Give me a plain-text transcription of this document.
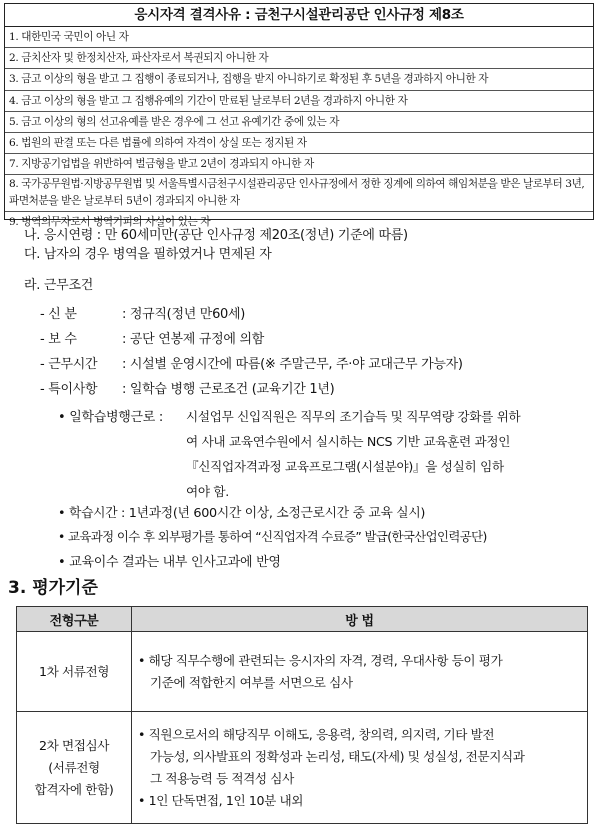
응시자격 결격사유 : 금천구시설관리공단 인사규정 제8조
1. 대한민국 국민이 아닌 자
2. 금치산자 및 한정치산자, 파산자로서 복권되지 아니한 자
3. 금고 이상의 형을 받고 그 집행이 종료되거나, 집행을 받지 아니하기로 확정된 후 5년을 경과하지 아니한 자
4. 금고 이상의 형을 받고 그 집행유예의 기간이 만료된 날로부터 2년을 경과하지 아니한 자
5. 금고 이상의 형의 선고유예를 받은 경우에 그 선고 유예기간 중에 있는 자
6. 법원의 판결 또는 다른 법률에 의하여 자격이 상실 또는 정지된 자
7. 지방공기업법을 위반하여 벌금형을 받고 2년이 경과되지 아니한 자
8. 국가공무원법·지방공무원법 및 서울특별시금천구시설관리공단 인사규정에서 정한 징계에 의하여 해임처분을 받은 날로부터 3년, 파면처분을 받은 날로부터 5년이 경과되지 아니한 자
9. 병역의무자로서 병역기피의 사실이 있는 자
나. 응시연령 : 만 60세미만(공단 인사규정 제20조(정년) 기준에 따름)
다. 남자의 경우 병역을 필하였거나 면제된 자
라. 근무조건
- 신 분	: 정규직(정년 만60세)
- 보 수	: 공단 연봉제 규정에 의함
- 근무시간 : 시설별 운영시간에 따름(※ 주말근무, 주·야 교대근무 가능자)
- 특이사항 : 일학습 병행 근로조건 (교육기간 1년)
• 일학습병행근로 : 시설업무 신입직원은 직무의 조기습득 및 직무역량 강화를 위하
여 사내 교육연수원에서 실시하는 NCS 기반 교육훈련 과정인
『신직업자격과정 교육프로그램(시설분야)』을 성실히 임하
여야 함.
• 학습시간 : 1년과정(년 600시간 이상, 소정근로시간 중 교육 실시)
• 교육과정 이수 후 외부평가를 통하여 “신직업자격 수료증” 발급(한국산업인력공단)
• 교육이수 결과는 내부 인사고과에 반영
3. 평가기준
전형구분	방 법
1차 서류전형	• 해당 직무수행에 관련되는 응시자의 자격, 경력, 우대사항 등이 평가
기준에 적합한지 여부를 서면으로 심사

2차 면접심사
(서류전형
합격자에 한함)	• 직원으로서의 해당직무 이해도, 응용력, 창의력, 의지력, 기타 발전
가능성, 의사발표의 정확성과 논리성, 태도(자세) 및 성실성, 전문지식과
그 적용능력 등 적격성 심사
• 1인 단독면접, 1인 10분 내외
